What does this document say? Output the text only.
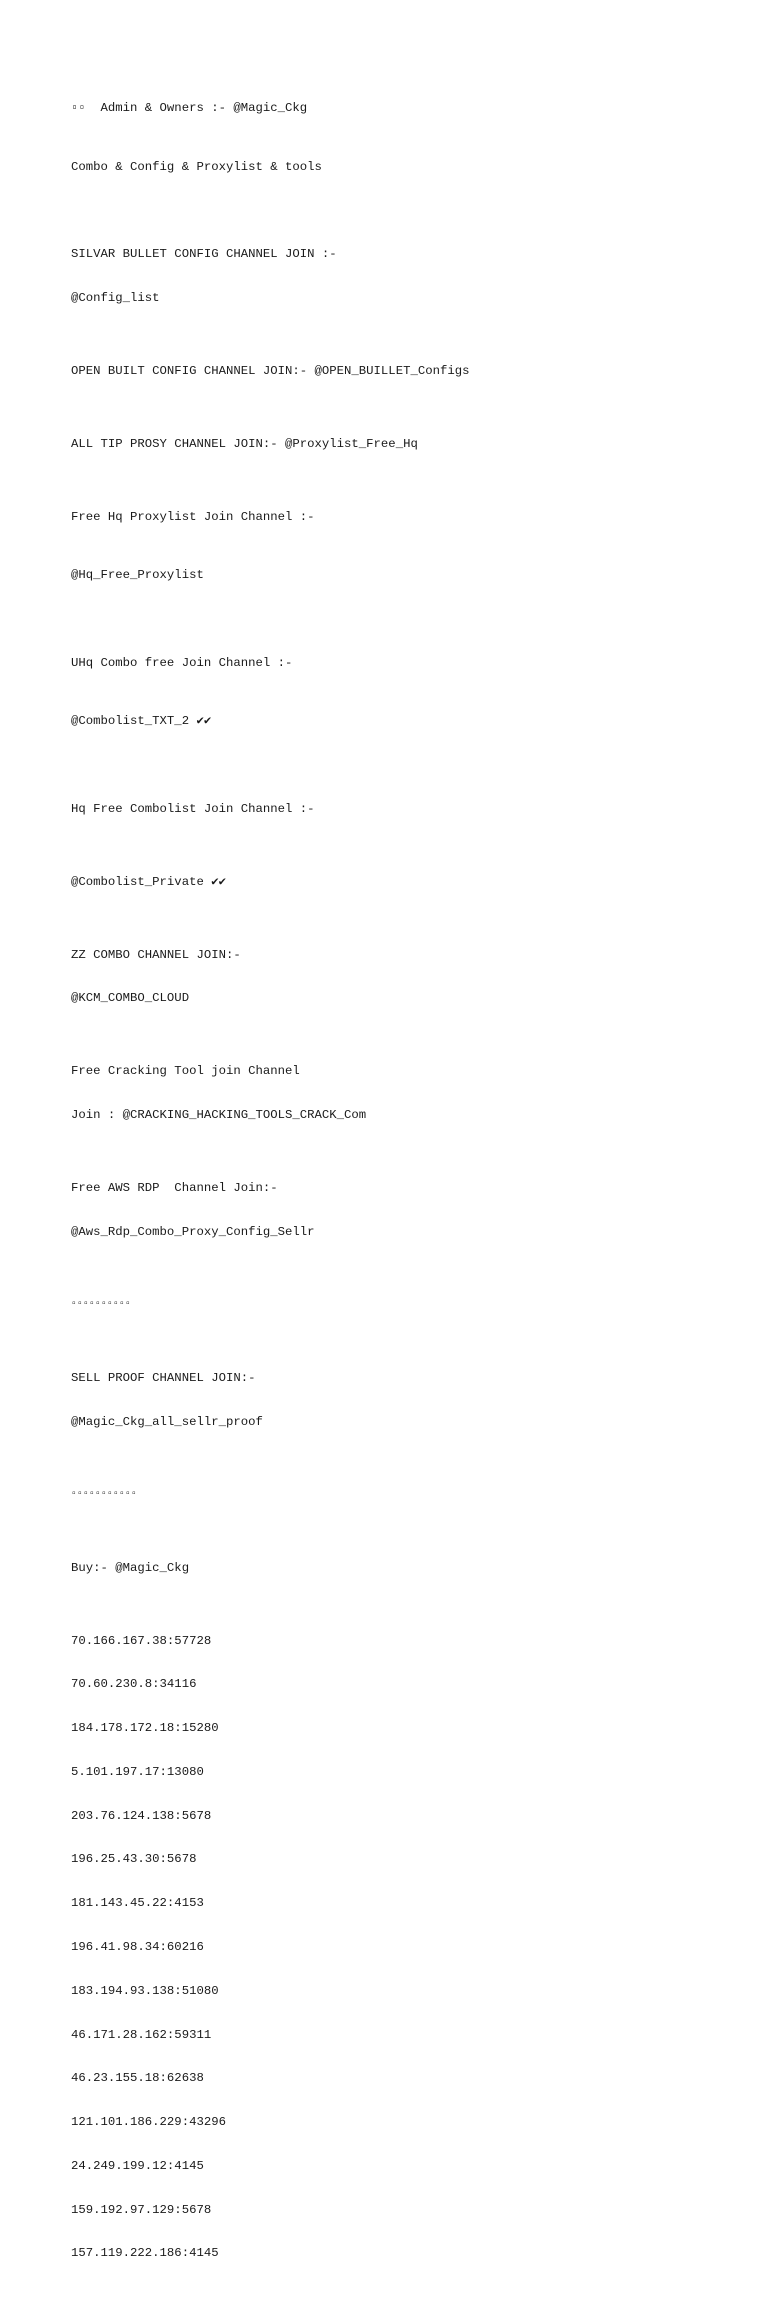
▫▫  Admin & Owners :- @Magic_Ckg

Combo & Config & Proxylist & tools

SILVAR BULLET CONFIG CHANNEL JOIN :-

@Config_list

OPEN BUILT CONFIG CHANNEL JOIN:- @OPEN_BUILLET_Configs

ALL TIP PROSY CHANNEL JOIN:- @Proxylist_Free_Hq

Free Hq Proxylist Join Channel :-

@Hq_Free_Proxylist

UHq Combo free Join Channel :-

@Combolist_TXT_2 ✔✔

Hq Free Combolist Join Channel :-

@Combolist_Private ✔✔

ZZ COMBO CHANNEL JOIN:-

@KCM_COMBO_CLOUD

Free Cracking Tool join Channel

Join : @CRACKING_HACKING_TOOLS_CRACK_Com

Free AWS RDP  Channel Join:-

@Aws_Rdp_Combo_Proxy_Config_Sellr

▫▫▫▫▫▫▫▫▫▫

SELL PROOF CHANNEL JOIN:-

@Magic_Ckg_all_sellr_proof

▫▫▫▫▫▫▫▫▫▫▫

Buy:- @Magic_Ckg

70.166.167.38:57728

70.60.230.8:34116

184.178.172.18:15280

5.101.197.17:13080

203.76.124.138:5678

196.25.43.30:5678

181.143.45.22:4153

196.41.98.34:60216

183.194.93.138:51080

46.171.28.162:59311

46.23.155.18:62638

121.101.186.229:43296

24.249.199.12:4145

159.192.97.129:5678

157.119.222.186:4145
